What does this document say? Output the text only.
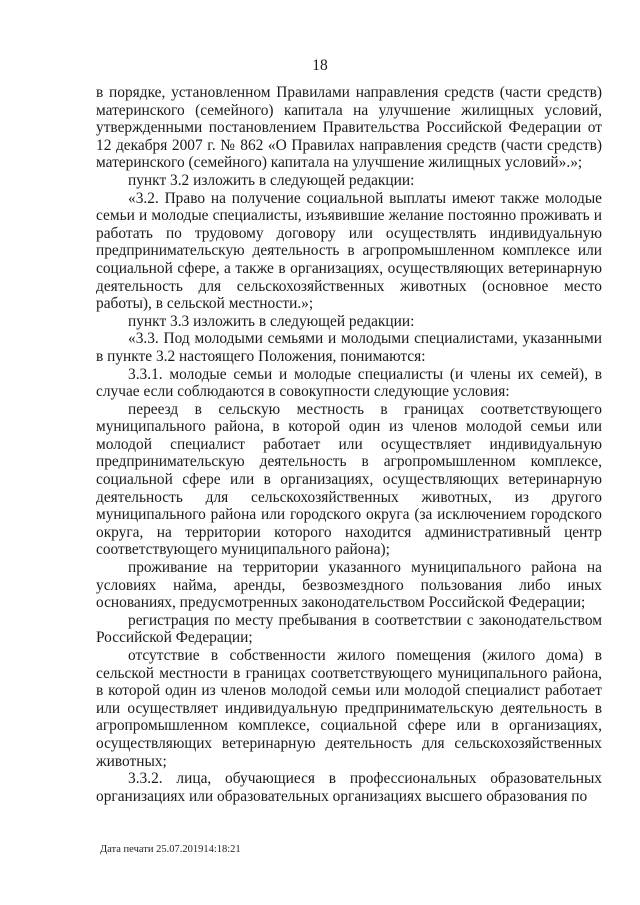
18

в порядке, установленном Правилами направления средств (части средств) материнского (семейного) капитала на улучшение жилищных условий, утвержденными постановлением Правительства Российской Федерации от 12 декабря 2007 г. № 862 «О Правилах направления средств (части средств) материнского (семейного) капитала на улучшение жилищных условий».»;

пункт 3.2 изложить в следующей редакции:

«3.2. Право на получение социальной выплаты имеют также молодые семьи и молодые специалисты, изъявившие желание постоянно проживать и работать по трудовому договору или осуществлять индивидуальную предпринимательскую деятельность в агропромышленном комплексе или социальной сфере, а также в организациях, осуществляющих ветеринарную деятельность для сельскохозяйственных животных (основное место работы), в сельской местности.»;

пункт 3.3 изложить в следующей редакции:

«3.3. Под молодыми семьями и молодыми специалистами, указанными в пункте 3.2 настоящего Положения, понимаются:

3.3.1. молодые семьи и молодые специалисты (и члены их семей), в случае если соблюдаются в совокупности следующие условия:

переезд в сельскую местность в границах соответствующего муниципального района, в которой один из членов молодой семьи или молодой специалист работает или осуществляет индивидуальную предпринимательскую деятельность в агропромышленном комплексе, социальной сфере или в организациях, осуществляющих ветеринарную деятельность для сельскохозяйственных животных, из другого муниципального района или городского округа (за исключением городского округа, на территории которого находится административный центр соответствующего муниципального района);

проживание на территории указанного муниципального района на условиях найма, аренды, безвозмездного пользования либо иных основаниях, предусмотренных законодательством Российской Федерации;

регистрация по месту пребывания в соответствии с законодательством Российской Федерации;

отсутствие в собственности жилого помещения (жилого дома) в сельской местности в границах соответствующего муниципального района, в которой один из членов молодой семьи или молодой специалист работает или осуществляет индивидуальную предпринимательскую деятельность в агропромышленном комплексе, социальной сфере или в организациях, осуществляющих ветеринарную деятельность для сельскохозяйственных животных;

3.3.2. лица, обучающиеся в профессиональных образовательных организациях или образовательных организациях высшего образования по

Дата печати 25.07.201914:18:21
